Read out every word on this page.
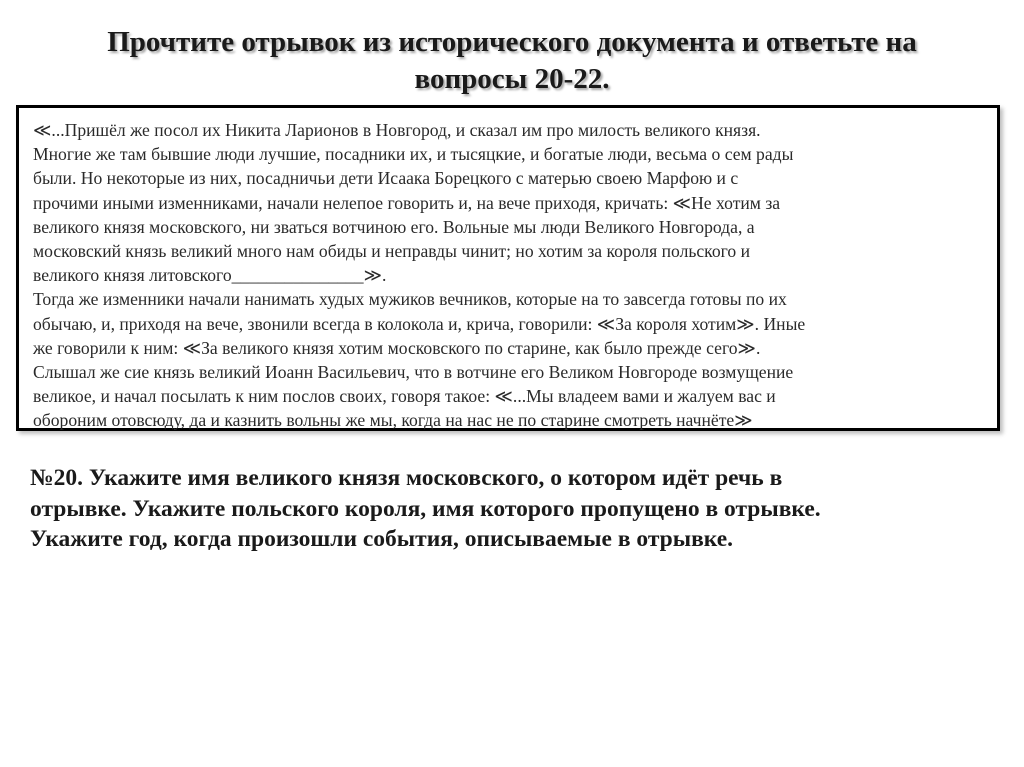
Прочтите отрывок из исторического документа и ответьте на
вопросы 20-22.
≪...Пришёл же посол их Никита Ларионов в Новгород, и сказал им про милость великого князя.
Многие же там бывшие люди лучшие, посадники их, и тысяцкие, и богатые люди, весьма о сем рады
были. Но некоторые из них, посадничьи дети Исаака Борецкого с матерью своею Марфою и с
прочими иными изменниками, начали нелепое говорить и, на вече приходя, кричать: ≪Не хотим за
великого князя московского, ни зваться вотчиною его. Вольные мы люди Великого Новгорода, а
московский князь великий много нам обиды и неправды чинит; но хотим за короля польского и
великого князя литовского_______________≫.
Тогда же изменники начали нанимать худых мужиков вечников, которые на то завсегда готовы по их
обычаю, и, приходя на вече, звонили всегда в колокола и, крича, говорили: ≪За короля хотим≫. Иные
же говорили к ним: ≪За великого князя хотим московского по старине, как было прежде сего≫.
Слышал же сие князь великий Иоанн Васильевич, что в вотчине его Великом Новгороде возмущение
великое, и начал посылать к ним послов своих, говоря такое: ≪...Мы владеем вами и жалуем вас и
обороним отовсюду, да и казнить вольны же мы, когда на нас не по старине смотреть начнёте≫
№20. Укажите имя великого князя московского, о котором идёт речь в
отрывке. Укажите польского короля, имя которого пропущено в отрывке.
Укажите год, когда произошли события, описываемые в отрывке.
